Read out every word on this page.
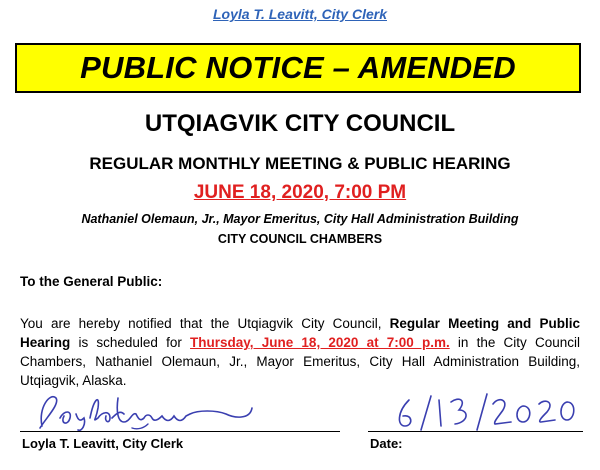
Loyla T. Leavitt, City Clerk
PUBLIC NOTICE – AMENDED
UTQIAGVIK CITY COUNCIL
REGULAR MONTHLY MEETING & PUBLIC HEARING
JUNE 18, 2020, 7:00 PM
Nathaniel Olemaun, Jr., Mayor Emeritus, City Hall Administration Building
CITY COUNCIL CHAMBERS
To the General Public:
You are hereby notified that the Utqiagvik City Council, Regular Meeting and Public Hearing is scheduled for Thursday, June 18, 2020 at 7:00 p.m. in the City Council Chambers, Nathaniel Olemaun, Jr., Mayor Emeritus, City Hall Administration Building, Utqiagvik, Alaska.
Loyla T. Leavitt, City Clerk	Date:
